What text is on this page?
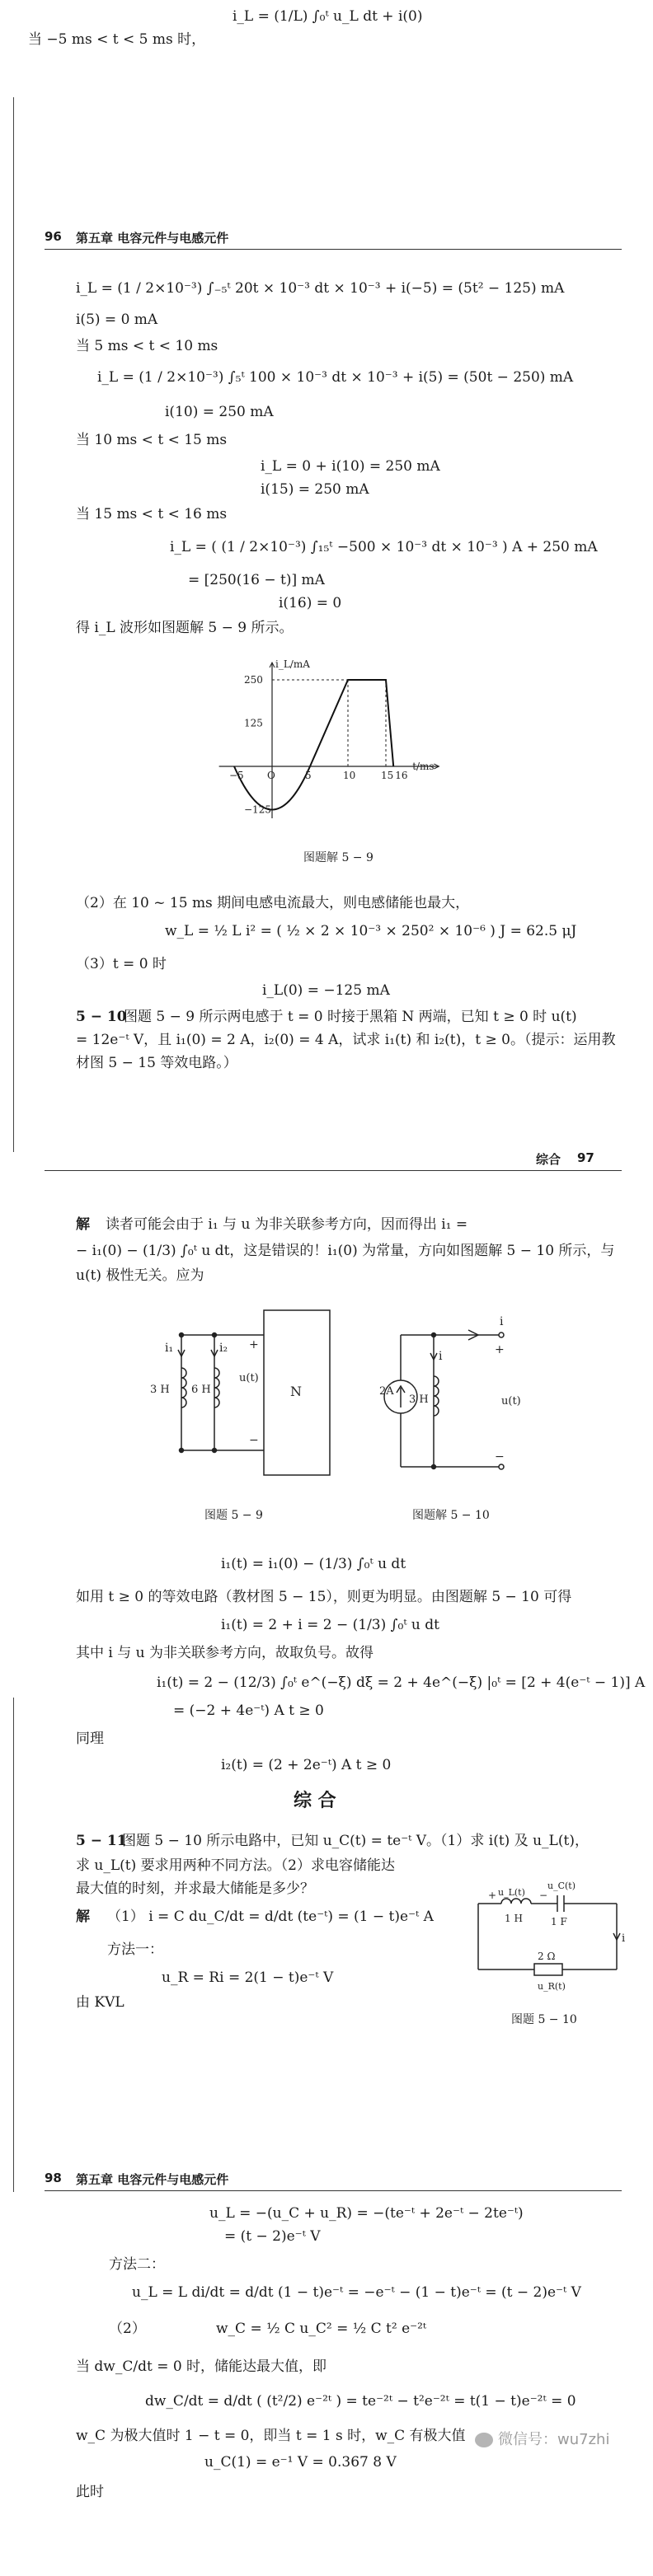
i_L = (1/L) ∫₀ᵗ u_L dt + i(0)
当 −5 ms < t < 5 ms 时，
96 第五章 电容元件与电感元件
i_L = (1 / 2×10⁻³) ∫₋₅ᵗ 20t × 10⁻³ dt × 10⁻³ + i(−5) = (5t² − 125) mA
i(5) = 0 mA
当 5 ms < t < 10 ms
i_L = (1 / 2×10⁻³) ∫₅ᵗ 100 × 10⁻³ dt × 10⁻³ + i(5) = (50t − 250) mA
i(10) = 250 mA
当 10 ms < t < 15 ms
i_L = 0 + i(10) = 250 mA
i(15) = 250 mA
当 15 ms < t < 16 ms
i_L = ( (1 / 2×10⁻³) ∫₁₅ᵗ −500 × 10⁻³ dt × 10⁻³ ) A + 250 mA
= [250(16 − t)] mA
i(16) = 0
得 i_L 波形如图题解 5 − 9 所示。
−5 O	5	10	15 16
250
125
−125
i_L/mA
t/ms
图题解 5 − 9
（2）在 10 ~ 15 ms 期间电感电流最大，则电感储能也最大，
w_L = ½ L i² = ( ½ × 2 × 10⁻³ × 250² × 10⁻⁶ ) J = 62.5 μJ
（3）t = 0 时
i_L(0) = −125 mA
5 − 10
图题 5 − 9 所示两电感于 t = 0 时接于黑箱 N 两端，已知 t ≥ 0 时 u(t)
= 12e⁻ᵗ V，且 i₁(0) = 2 A，i₂(0) = 4 A，试求 i₁(t) 和 i₂(t)，t ≥ 0。（提示：运用教
材图 5 − 15 等效电路。）
综合 97
解 读者可能会由于 i₁ 与 u 为非关联参考方向，因而得出 i₁ =
− i₁(0) − (1/3) ∫₀ᵗ u dt，这是错误的！i₁(0) 为常量，方向如图题解 5 − 10 所示，与
u(t) 极性无关。应为
i₁	i₂
3 H 6 H
u(t)
+
−
N
图题 5 − 9
2A
3 H
i
i
+
−
u(t)
图题解 5 − 10
i₁(t) = i₁(0) − (1/3) ∫₀ᵗ u dt
如用 t ≥ 0 的等效电路（教材图 5 − 15），则更为明显。由图题解 5 − 10 可得
i₁(t) = 2 + i = 2 − (1/3) ∫₀ᵗ u dt
其中 i 与 u 为非关联参考方向，故取负号。故得
i₁(t) = 2 − (12/3) ∫₀ᵗ e^(−ξ) dξ = 2 + 4e^(−ξ) |₀ᵗ = [2 + 4(e⁻ᵗ − 1)] A
= (−2 + 4e⁻ᵗ) A t ≥ 0
同理
i₂(t) = (2 + 2e⁻ᵗ) A t ≥ 0
综 合
5 − 11
图题 5 − 10 所示电路中，已知 u_C(t) = te⁻ᵗ V。（1）求 i(t) 及 u_L(t)，
求 u_L(t) 要求用两种不同方法。（2）求电容储能达
最大值的时刻，并求最大储能是多少？
解 （1） i = C du_C/dt = d/dt (te⁻ᵗ) = (1 − t)e⁻ᵗ A
方法一：
u_R = Ri = 2(1 − t)e⁻ᵗ V
由 KVL
u_L(t)
u_C(t)
1 H	1 F
2 Ω
u_R(t)
i
+	−
图题 5 − 10
98 第五章 电容元件与电感元件
u_L = −(u_C + u_R) = −(te⁻ᵗ + 2e⁻ᵗ − 2te⁻ᵗ)
= (t − 2)e⁻ᵗ V
方法二：
u_L = L di/dt = d/dt (1 − t)e⁻ᵗ = −e⁻ᵗ − (1 − t)e⁻ᵗ = (t − 2)e⁻ᵗ V
（2）	w_C = ½ C u_C² = ½ C t² e⁻²ᵗ
当 dw_C/dt = 0 时，储能达最大值，即
dw_C/dt = d/dt ( (t²/2) e⁻²ᵗ ) = te⁻²ᵗ − t²e⁻²ᵗ = t(1 − t)e⁻²ᵗ = 0
w_C 为极大值时 1 − t = 0，即当 t = 1 s 时，w_C 有极大值
u_C(1) = e⁻¹ V = 0.367 8 V
此时
微信号：wu7zhi
